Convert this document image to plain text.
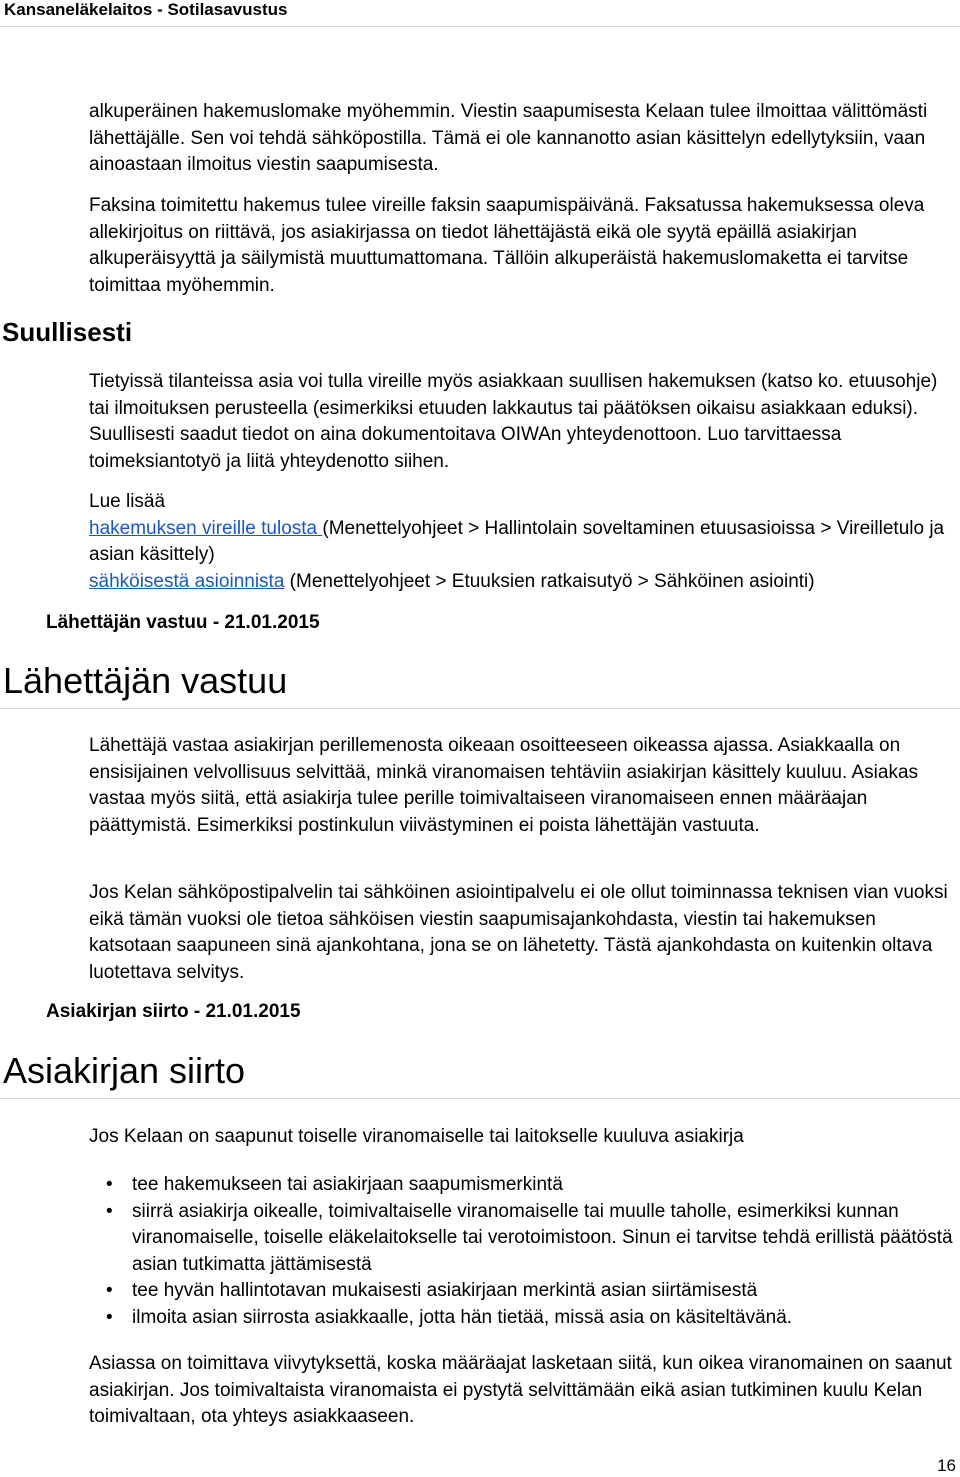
Kansaneläkelaitos - Sotilasavustus

alkuperäinen hakemuslomake myöhemmin. Viestin saapumisesta Kelaan tulee ilmoittaa välittömästi lähettäjälle. Sen voi tehdä sähköpostilla. Tämä ei ole kannanotto asian käsittelyn edellytyksiin, vaan ainoastaan ilmoitus viestin saapumisesta.

Faksina toimitettu hakemus tulee vireille faksin saapumispäivänä. Faksatussa hakemuksessa oleva allekirjoitus on riittävä, jos asiakirjassa on tiedot lähettäjästä eikä ole syytä epäillä asiakirjan alkuperäisyyttä ja säilymistä muuttumattomana. Tällöin alkuperäistä hakemuslomaketta ei tarvitse toimittaa myöhemmin.

Suullisesti

Tietyissä tilanteissa asia voi tulla vireille myös asiakkaan suullisen hakemuksen (katso ko. etuusohje) tai ilmoituksen perusteella (esimerkiksi etuuden lakkautus tai päätöksen oikaisu asiakkaan eduksi). Suullisesti saadut tiedot on aina dokumentoitava OIWAn yhteydenottoon. Luo tarvittaessa toimeksiantotyö ja liitä yhteydenotto siihen.

Lue lisää
hakemuksen vireille tulosta (Menettelyohjeet > Hallintolain soveltaminen etuusasioissa > Vireilletulo ja asian käsittely)
sähköisestä asioinnista (Menettelyohjeet > Etuuksien ratkaisutyö > Sähköinen asiointi)
Lähettäjän vastuu - 21.01.2015
Lähettäjän vastuu

Lähettäjä vastaa asiakirjan perillemenosta oikeaan osoitteeseen oikeassa ajassa. Asiakkaalla on ensisijainen velvollisuus selvittää, minkä viranomaisen tehtäviin asiakirjan käsittely kuuluu. Asiakas vastaa myös siitä, että asiakirja tulee perille toimivaltaiseen viranomaiseen ennen määräajan päättymistä. Esimerkiksi postinkulun viivästyminen ei poista lähettäjän vastuuta.

Jos Kelan sähköpostipalvelin tai sähköinen asiointipalvelu ei ole ollut toiminnassa teknisen vian vuoksi eikä tämän vuoksi ole tietoa sähköisen viestin saapumisajankohdasta, viestin tai hakemuksen katsotaan saapuneen sinä ajankohtana, jona se on lähetetty. Tästä ajankohdasta on kuitenkin oltava luotettava selvitys.

Asiakirjan siirto - 21.01.2015
Asiakirjan siirto

Jos Kelaan on saapunut toiselle viranomaiselle tai laitokselle kuuluva asiakirja

• tee hakemukseen tai asiakirjaan saapumismerkintä
• siirrä asiakirja oikealle, toimivaltaiselle viranomaiselle tai muulle taholle, esimerkiksi kunnan viranomaiselle, toiselle eläkelaitokselle tai verotoimistoon. Sinun ei tarvitse tehdä erillistä päätöstä asian tutkimatta jättämisestä
• tee hyvän hallintotavan mukaisesti asiakirjaan merkintä asian siirtämisestä
• ilmoita asian siirrosta asiakkaalle, jotta hän tietää, missä asia on käsiteltävänä.

Asiassa on toimittava viivytyksettä, koska määräajat lasketaan siitä, kun oikea viranomainen on saanut asiakirjan. Jos toimivaltaista viranomaista ei pystytä selvittämään eikä asian tutkiminen kuulu Kelan toimivaltaan, ota yhteys asiakkaaseen.

16
